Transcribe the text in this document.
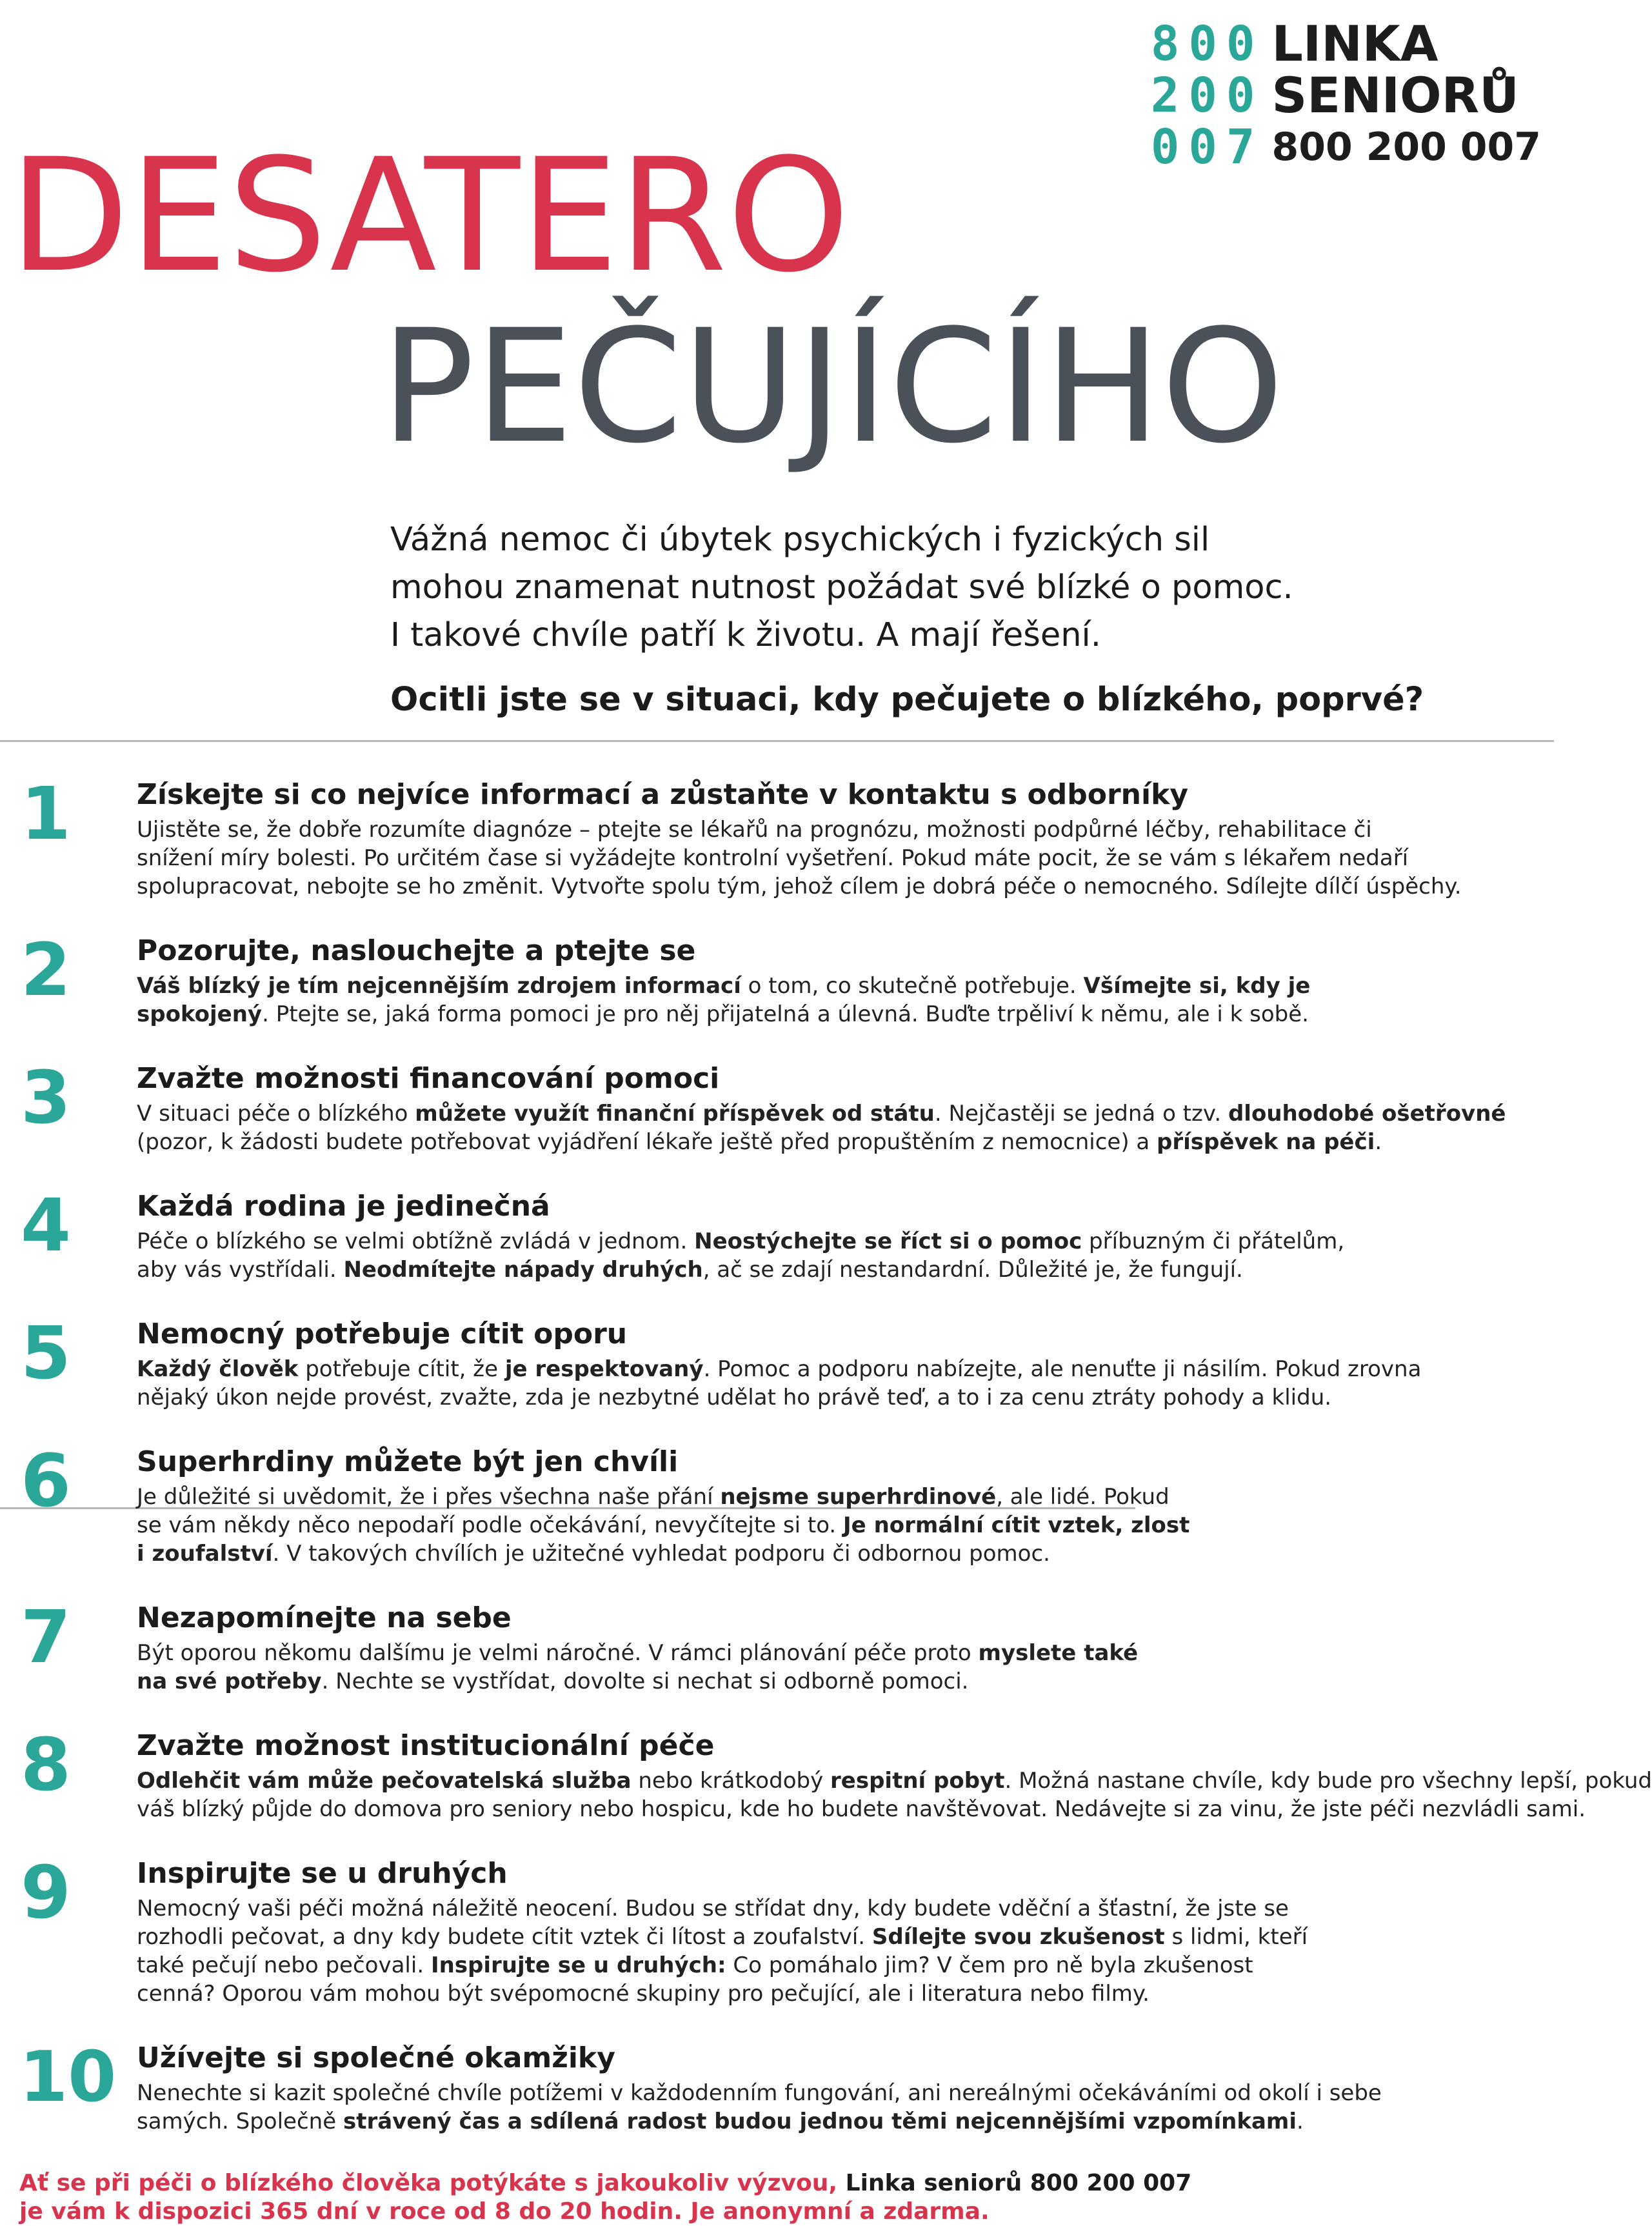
800
200
007
LINKA
SENIORŮ
800 200 007
DESATERO
PEČUJÍCÍHO
Vážná nemoc či úbytek psychických i fyzických sil
mohou znamenat nutnost požádat své blízké o pomoc.
I takové chvíle patří k životu. A mají řešení.
Ocitli jste se v situaci, kdy pečujete o blízkého, poprvé?
1 Získejte si co nejvíce informací a zůstaňte v kontaktu s odborníky

Ujistěte se, že dobře rozumíte diagnóze – ptejte se lékařů na prognózu, možnosti podpůrné léčby, rehabilitace či

snížení míry bolesti. Po určitém čase si vyžádejte kontrolní vyšetření. Pokud máte pocit, že se vám s lékařem nedaří

spolupracovat, nebojte se ho změnit. Vytvořte spolu tým, jehož cílem je dobrá péče o nemocného. Sdílejte dílčí úspěchy.

2 Pozorujte, naslouchejte a ptejte se

Váš blízký je tím nejcennějším zdrojem informací o tom, co skutečně potřebuje. Všímejte si, kdy je

spokojený. Ptejte se, jaká forma pomoci je pro něj přijatelná a úlevná. Buďte trpěliví k němu, ale i k sobě.

3 Zvažte možnosti financování pomoci

V situaci péče o blízkého můžete využít finanční příspěvek od státu. Nejčastěji se jedná o tzv. dlouhodobé ošetřovné

(pozor, k žádosti budete potřebovat vyjádření lékaře ještě před propuštěním z nemocnice) a příspěvek na péči.

4 Každá rodina je jedinečná

Péče o blízkého se velmi obtížně zvládá v jednom. Neostýchejte se říct si o pomoc příbuzným či přátelům,

aby vás vystřídali. Neodmítejte nápady druhých, ač se zdají nestandardní. Důležité je, že fungují.

5 Nemocný potřebuje cítit oporu

Každý člověk potřebuje cítit, že je respektovaný. Pomoc a podporu nabízejte, ale nenuťte ji násilím. Pokud zrovna

nějaký úkon nejde provést, zvažte, zda je nezbytné udělat ho právě teď, a to i za cenu ztráty pohody a klidu.

6 Superhrdiny můžete být jen chvíli

Je důležité si uvědomit, že i přes všechna naše přání nejsme superhrdinové, ale lidé. Pokud

se vám někdy něco nepodaří podle očekávání, nevyčítejte si to. Je normální cítit vztek, zlost

i zoufalství. V takových chvílích je užitečné vyhledat podporu či odbornou pomoc.

7 Nezapomínejte na sebe

Být oporou někomu dalšímu je velmi náročné. V rámci plánování péče proto myslete také

na své potřeby. Nechte se vystřídat, dovolte si nechat si odborně pomoci.

8 Zvažte možnost institucionální péče

Odlehčit vám může pečovatelská služba nebo krátkodobý respitní pobyt. Možná nastane chvíle, kdy bude pro všechny lepší, pokud

váš blízký půjde do domova pro seniory nebo hospicu, kde ho budete navštěvovat. Nedávejte si za vinu, že jste péči nezvládli sami.

9 Inspirujte se u druhých

Nemocný vaši péči možná náležitě neocení. Budou se střídat dny, kdy budete vděční a šťastní, že jste se

rozhodli pečovat, a dny kdy budete cítit vztek či lítost a zoufalství. Sdílejte svou zkušenost s lidmi, kteří

také pečují nebo pečovali. Inspirujte se u druhých: Co pomáhalo jim? V čem pro ně byla zkušenost

cenná? Oporou vám mohou být svépomocné skupiny pro pečující, ale i literatura nebo filmy.

10 Užívejte si společné okamžiky

Nenechte si kazit společné chvíle potížemi v každodenním fungování, ani nereálnými očekáváními od okolí i sebe

samých. Společně strávený čas a sdílená radost budou jednou těmi nejcennějšími vzpomínkami.

Ať se při péči o blízkého člověka potýkáte s jakoukoliv výzvou, Linka seniorů 800 200 007
je vám k dispozici 365 dní v roce od 8 do 20 hodin. Je anonymní a zdarma.
